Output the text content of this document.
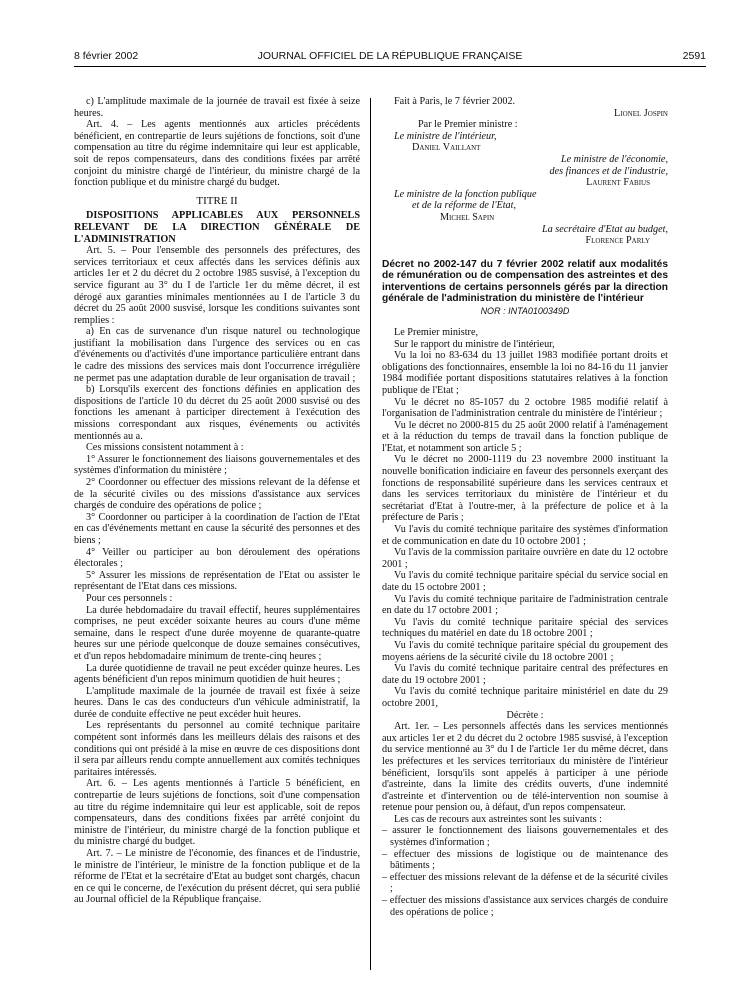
8 février 2002	JOURNAL OFFICIEL DE LA RÉPUBLIQUE FRANÇAISE	2591

c) L'amplitude maximale de la journée de travail est fixée à seize heures.

Art. 4. – Les agents mentionnés aux articles précédents bénéficient, en contrepartie de leurs sujétions de fonctions, soit d'une compensation au titre du régime indemnitaire qui leur est applicable, soit de repos compensateurs, dans des conditions fixées par arrêté conjoint du ministre chargé de l'intérieur, du ministre chargé de la fonction publique et du ministre chargé du budget.

TITRE II

DISPOSITIONS APPLICABLES AUX PERSONNELS RELEVANT DE LA DIRECTION GÉNÉRALE DE L'ADMINISTRATION

Art. 5. – Pour l'ensemble des personnels des préfectures, des services territoriaux et ceux affectés dans les services définis aux articles 1er et 2 du décret du 2 octobre 1985 susvisé, à l'exception du service figurant au 3° du I de l'article 1er du même décret, il est dérogé aux garanties minimales mentionnées au I de l'article 3 du décret du 25 août 2000 susvisé, lorsque les conditions suivantes sont remplies :

a) En cas de survenance d'un risque naturel ou technologique justifiant la mobilisation dans l'urgence des services ou en cas d'événements ou d'activités d'une importance particulière entrant dans le cadre des missions des services mais dont l'occurrence irrégulière ne permet pas une adaptation durable de leur organisation de travail ;

b) Lorsqu'ils exercent des fonctions définies en application des dispositions de l'article 10 du décret du 25 août 2000 susvisé ou des fonctions les amenant à participer directement à l'exécution des missions correspondant aux risques, événements ou activités mentionnés au a.

Ces missions consistent notamment à :

1° Assurer le fonctionnement des liaisons gouvernementales et des systèmes d'information du ministère ;

2° Coordonner ou effectuer des missions relevant de la défense et de la sécurité civiles ou des missions d'assistance aux services chargés de conduire des opérations de police ;

3° Coordonner ou participer à la coordination de l'action de l'Etat en cas d'événements mettant en cause la sécurité des personnes et des biens ;

4° Veiller ou participer au bon déroulement des opérations électorales ;

5° Assurer les missions de représentation de l'Etat ou assister le représentant de l'Etat dans ces missions.

Pour ces personnels :

La durée hebdomadaire du travail effectif, heures supplémentaires comprises, ne peut excéder soixante heures au cours d'une même semaine, dans le respect d'une durée moyenne de quarante-quatre heures sur une période quelconque de douze semaines consécutives, et d'un repos hebdomadaire minimum de trente-cinq heures ;

La durée quotidienne de travail ne peut excéder quinze heures. Les agents bénéficient d'un repos minimum quotidien de huit heures ;

L'amplitude maximale de la journée de travail est fixée à seize heures. Dans le cas des conducteurs d'un véhicule administratif, la durée de conduite effective ne peut excéder huit heures.

Les représentants du personnel au comité technique paritaire compétent sont informés dans les meilleurs délais des raisons et des conditions qui ont présidé à la mise en œuvre de ces dispositions dont il sera par ailleurs rendu compte annuellement aux comités techniques paritaires intéressés.

Art. 6. – Les agents mentionnés à l'article 5 bénéficient, en contrepartie de leurs sujétions de fonctions, soit d'une compensation au titre du régime indemnitaire qui leur est applicable, soit de repos compensateurs, dans des conditions fixées par arrêté conjoint du ministre de l'intérieur, du ministre chargé de la fonction publique et du ministre chargé du budget.

Art. 7. – Le ministre de l'économie, des finances et de l'industrie, le ministre de l'intérieur, le ministre de la fonction publique et de la réforme de l'Etat et la secrétaire d'Etat au budget sont chargés, chacun en ce qui le concerne, de l'exécution du présent décret, qui sera publié au Journal officiel de la République française.

Fait à Paris, le 7 février 2002.

Lionel Jospin

Par le Premier ministre :

Le ministre de l'intérieur,

Daniel Vaillant

Le ministre de l'économie,

des finances et de l'industrie,

Laurent Fabius

Le ministre de la fonction publique

et de la réforme de l'Etat,

Michel Sapin

La secrétaire d'Etat au budget,

Florence Parly

Décret no 2002-147 du 7 février 2002 relatif aux modalités de rémunération ou de compensation des astreintes et des interventions de certains personnels gérés par la direction générale de l'administration du ministère de l'intérieur
NOR : INTA0100349D

Le Premier ministre,

Sur le rapport du ministre de l'intérieur,

Vu la loi no 83-634 du 13 juillet 1983 modifiée portant droits et obligations des fonctionnaires, ensemble la loi no 84-16 du 11 janvier 1984 modifiée portant dispositions statutaires relatives à la fonction publique de l'Etat ;

Vu le décret no 85-1057 du 2 octobre 1985 modifié relatif à l'organisation de l'administration centrale du ministère de l'intérieur ;

Vu le décret no 2000-815 du 25 août 2000 relatif à l'aménagement et à la réduction du temps de travail dans la fonction publique de l'Etat, et notamment son article 5 ;

Vu le décret no 2000-1119 du 23 novembre 2000 instituant la nouvelle bonification indiciaire en faveur des personnels exerçant des fonctions de responsabilité supérieure dans les services centraux et dans les services territoriaux du ministère de l'intérieur et du secrétariat d'Etat à l'outre-mer, à la préfecture de police et à la préfecture de Paris ;

Vu l'avis du comité technique paritaire des systèmes d'information et de communication en date du 10 octobre 2001 ;

Vu l'avis de la commission paritaire ouvrière en date du 12 octobre 2001 ;

Vu l'avis du comité technique paritaire spécial du service social en date du 15 octobre 2001 ;

Vu l'avis du comité technique paritaire de l'administration centrale en date du 17 octobre 2001 ;

Vu l'avis du comité technique paritaire spécial des services techniques du matériel en date du 18 octobre 2001 ;

Vu l'avis du comité technique paritaire spécial du groupement des moyens aériens de la sécurité civile du 18 octobre 2001 ;

Vu l'avis du comité technique paritaire central des préfectures en date du 19 octobre 2001 ;

Vu l'avis du comité technique paritaire ministériel en date du 29 octobre 2001,

Décrète :

Art. 1er. – Les personnels affectés dans les services mentionnés aux articles 1er et 2 du décret du 2 octobre 1985 susvisé, à l'exception du service mentionné au 3° du I de l'article 1er du même décret, dans les préfectures et les services territoriaux du ministère de l'intérieur bénéficient, lorsqu'ils sont appelés à participer à une période d'astreinte, dans la limite des crédits ouverts, d'une indemnité d'astreinte et d'intervention ou de télé-intervention non soumise à retenue pour pension ou, à défaut, d'un repos compensateur.

Les cas de recours aux astreintes sont les suivants :

– assurer le fonctionnement des liaisons gouvernementales et des systèmes d'information ;

– effectuer des missions de logistique ou de maintenance des bâtiments ;

– effectuer des missions relevant de la défense et de la sécurité civiles ;

– effectuer des missions d'assistance aux services chargés de conduire des opérations de police ;
